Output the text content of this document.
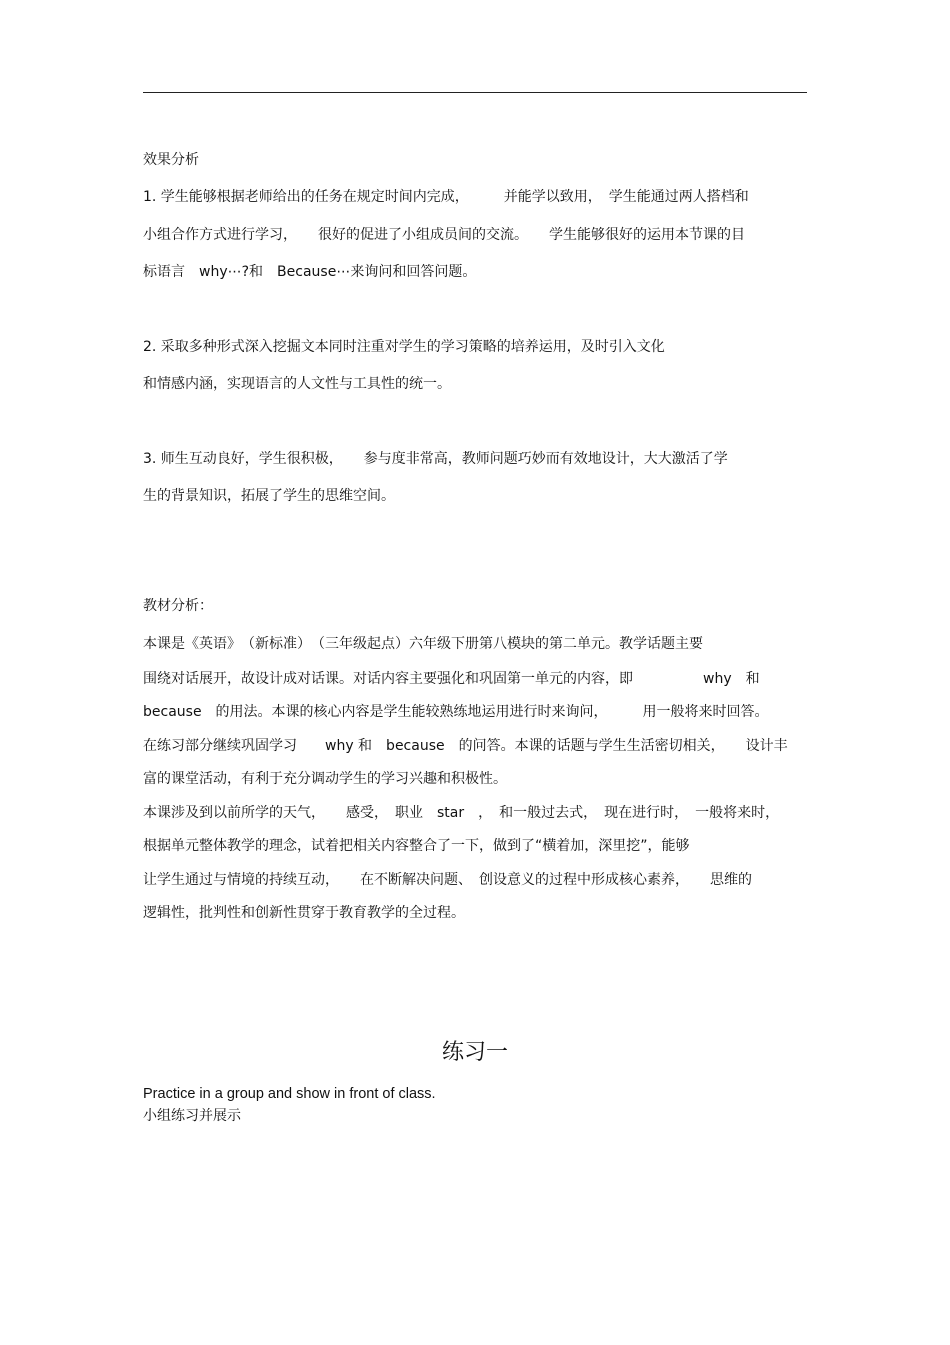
效果分析
1. 学生能够根据老师给出的任务在规定时间内完成，　　　并能学以致用，　学生能通过两人搭档和
小组合作方式进行学习，　　很好的促进了小组成员间的交流。　　学生能够很好的运用本节课的目
标语言　why⋯?和　Because⋯来询问和回答问题。
2. 采取多种形式深入挖掘文本同时注重对学生的学习策略的培养运用，及时引入文化
和情感内涵，实现语言的人文性与工具性的统一。
3. 师生互动良好，学生很积极，　　参与度非常高，教师问题巧妙而有效地设计，大大激活了学
生的背景知识，拓展了学生的思维空间。
教材分析：
本课是《英语》　（新标准）　（三年级起点）六年级下册第八模块的第二单元。教学话题主要
围绕对话展开，故设计成对话课。对话内容主要强化和巩固第一单元的内容，即　　　　　why　和
because　的用法。本课的核心内容是学生能较熟练地运用进行时来询问，　　　用一般将来时回答。
在练习部分继续巩固学习　　why 和　because　的问答。本课的话题与学生生活密切相关，　　设计丰
富的课堂活动，有利于充分调动学生的学习兴趣和积极性。
本课涉及到以前所学的天气，　　感受，　职业　star　，　和一般过去式，　现在进行时，　一般将来时，
根据单元整体教学的理念，试着把相关内容整合了一下，做到了“横着加，深里挖”，能够
让学生通过与情境的持续互动，　　在不断解决问题、　创设意义的过程中形成核心素养，　　思维的
逻辑性，批判性和创新性贯穿于教育教学的全过程。
练习一
Practice in a group and show in front of class.
小组练习并展示
